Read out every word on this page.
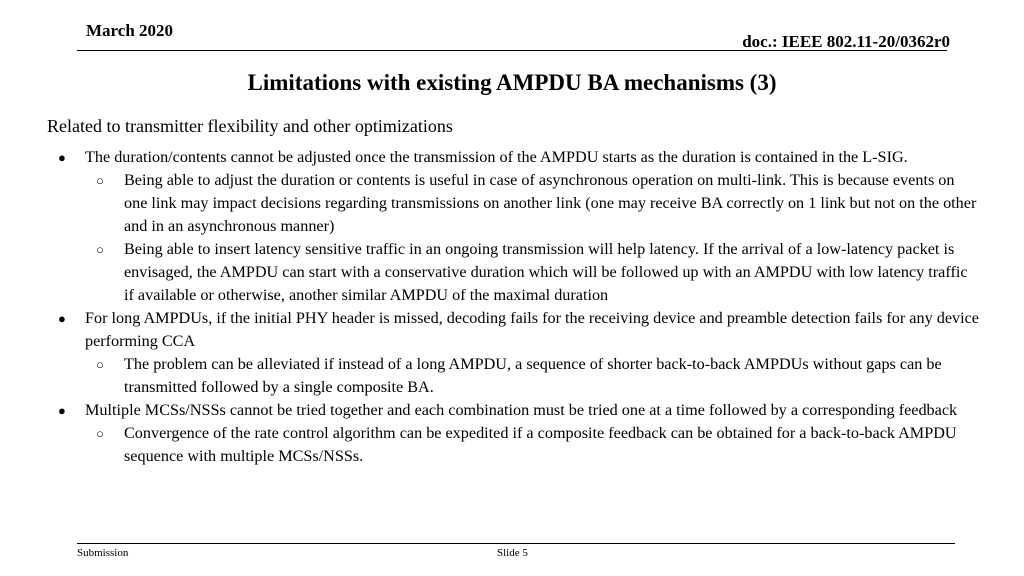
March 2020
doc.: IEEE 802.11-20/0362r0
Limitations with existing AMPDU BA mechanisms (3)
Related to transmitter flexibility and other optimizations
● The duration/contents cannot be adjusted once the transmission of the AMPDU starts as the duration is contained in the L-SIG.
○ Being able to adjust the duration or contents is useful in case of asynchronous operation on multi-link. This is because events on one link may impact decisions regarding transmissions on another link (one may receive BA correctly on 1 link but not on the other and in an asynchronous manner)
○ Being able to insert latency sensitive traffic in an ongoing transmission will help latency. If the arrival of a low-latency packet is envisaged, the AMPDU can start with a conservative duration which will be followed up with an AMPDU with low latency traffic if available or otherwise, another similar AMPDU of the maximal duration
● For long AMPDUs, if the initial PHY header is missed, decoding fails for the receiving device and preamble detection fails for any device performing CCA
○ The problem can be alleviated if instead of a long AMPDU, a sequence of shorter back-to-back AMPDUs without gaps can be transmitted followed by a single composite BA.
● Multiple MCSs/NSSs cannot be tried together and each combination must be tried one at a time followed by a corresponding feedback
○ Convergence of the rate control algorithm can be expedited if a composite feedback can be obtained for a back-to-back AMPDU sequence with multiple MCSs/NSSs.
Submission	Slide 5
